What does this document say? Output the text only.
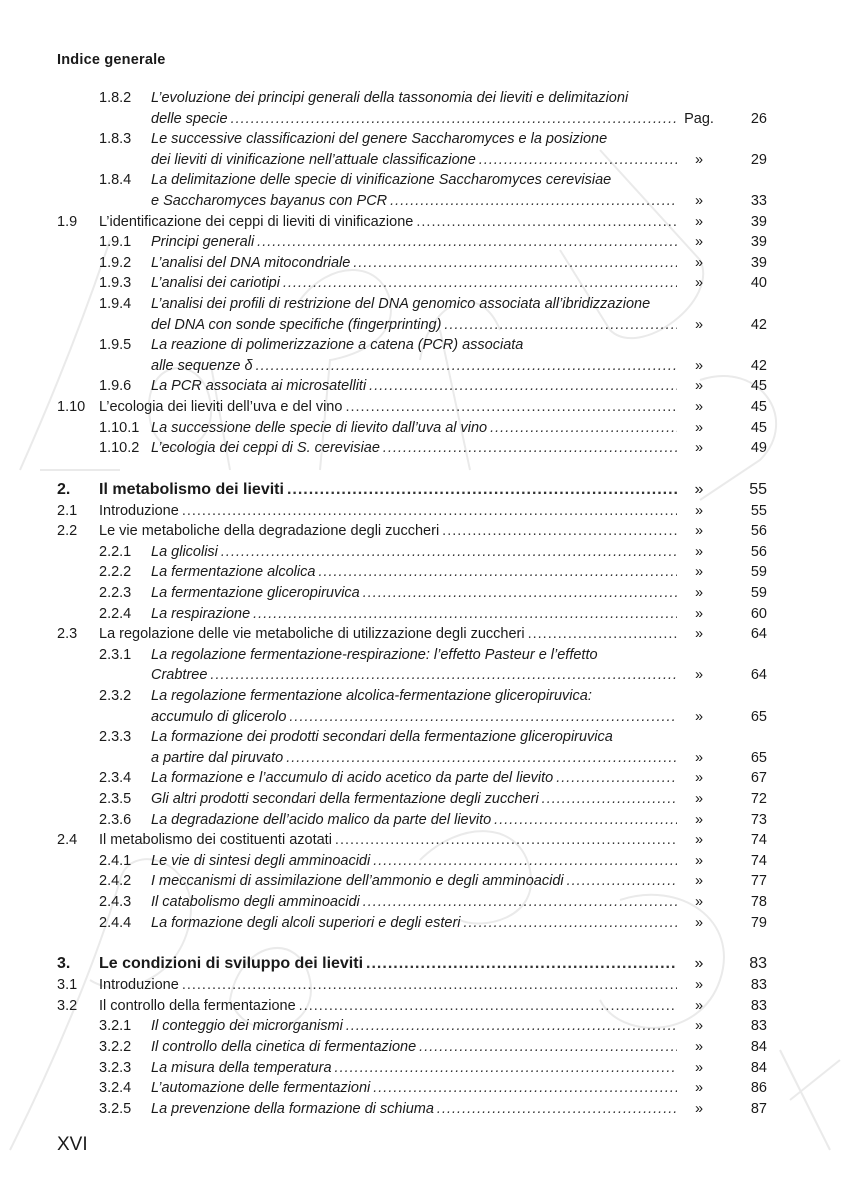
Indice generale
1.8.2 L’evoluzione dei principi generali della tassonomia dei lieviti e delimitazioni
delle specie .....	Pag.	26
1.8.3 Le successive classificazioni del genere Saccharomyces e la posizione
dei lieviti di vinificazione nell’attuale classificazione .....	»	29
1.8.4 La delimitazione delle specie di vinificazione Saccharomyces cerevisiae
e Saccharomyces bayanus con PCR .....	»	33
1.9 L’identificazione dei ceppi di lieviti di vinificazione .....	»	39
1.9.1 Principi generali .....	»	39
1.9.2 L’analisi del DNA mitocondriale .....	»	39
1.9.3 L’analisi dei cariotipi .....	»	40
1.9.4 L’analisi dei profili di restrizione del DNA genomico associata all’ibridizzazione
del DNA con sonde specifiche (fingerprinting) .....	»	42
1.9.5 La reazione di polimerizzazione a catena (PCR) associata
alle sequenze δ .....	»	42
1.9.6 La PCR associata ai microsatelliti .....	»	45
1.10 L’ecologia dei lieviti dell’uva e del vino .....	»	45
1.10.1 La successione delle specie di lievito dall’uva al vino .....	»	45
1.10.2 L’ecologia dei ceppi di S. cerevisiae .....	»	49
2. Il metabolismo dei lieviti .....	»	55
2.1 Introduzione .....	»	55
2.2 Le vie metaboliche della degradazione degli zuccheri .....	»	56
2.2.1 La glicolisi .....	»	56
2.2.2 La fermentazione alcolica .....	»	59
2.2.3 La fermentazione gliceropiruvica .....	»	59
2.2.4 La respirazione .....	»	60
2.3 La regolazione delle vie metaboliche di utilizzazione degli zuccheri .....	»	64
2.3.1 La regolazione fermentazione-respirazione: l’effetto Pasteur e l’effetto
Crabtree .....	»	64
2.3.2 La regolazione fermentazione alcolica-fermentazione gliceropiruvica:
accumulo di glicerolo .....	»	65
2.3.3 La formazione dei prodotti secondari della fermentazione gliceropiruvica
a partire dal piruvato .....	»	65
2.3.4 La formazione e l’accumulo di acido acetico da parte del lievito .....	»	67
2.3.5 Gli altri prodotti secondari della fermentazione degli zuccheri .....	»	72
2.3.6 La degradazione dell’acido malico da parte del lievito .....	»	73
2.4 Il metabolismo dei costituenti azotati .....	»	74
2.4.1 Le vie di sintesi degli amminoacidi .....	»	74
2.4.2 I meccanismi di assimilazione dell’ammonio e degli amminoacidi .....	»	77
2.4.3 Il catabolismo degli amminoacidi .....	»	78
2.4.4 La formazione degli alcoli superiori e degli esteri .....	»	79
3. Le condizioni di sviluppo dei lieviti .....	»	83
3.1 Introduzione .....	»	83
3.2 Il controllo della fermentazione .....	»	83
3.2.1 Il conteggio dei microrganismi .....	»	83
3.2.2 Il controllo della cinetica di fermentazione .....	»	84
3.2.3 La misura della temperatura .....	»	84
3.2.4 L’automazione delle fermentazioni .....	»	86
3.2.5 La prevenzione della formazione di schiuma .....	»	87
XVI
